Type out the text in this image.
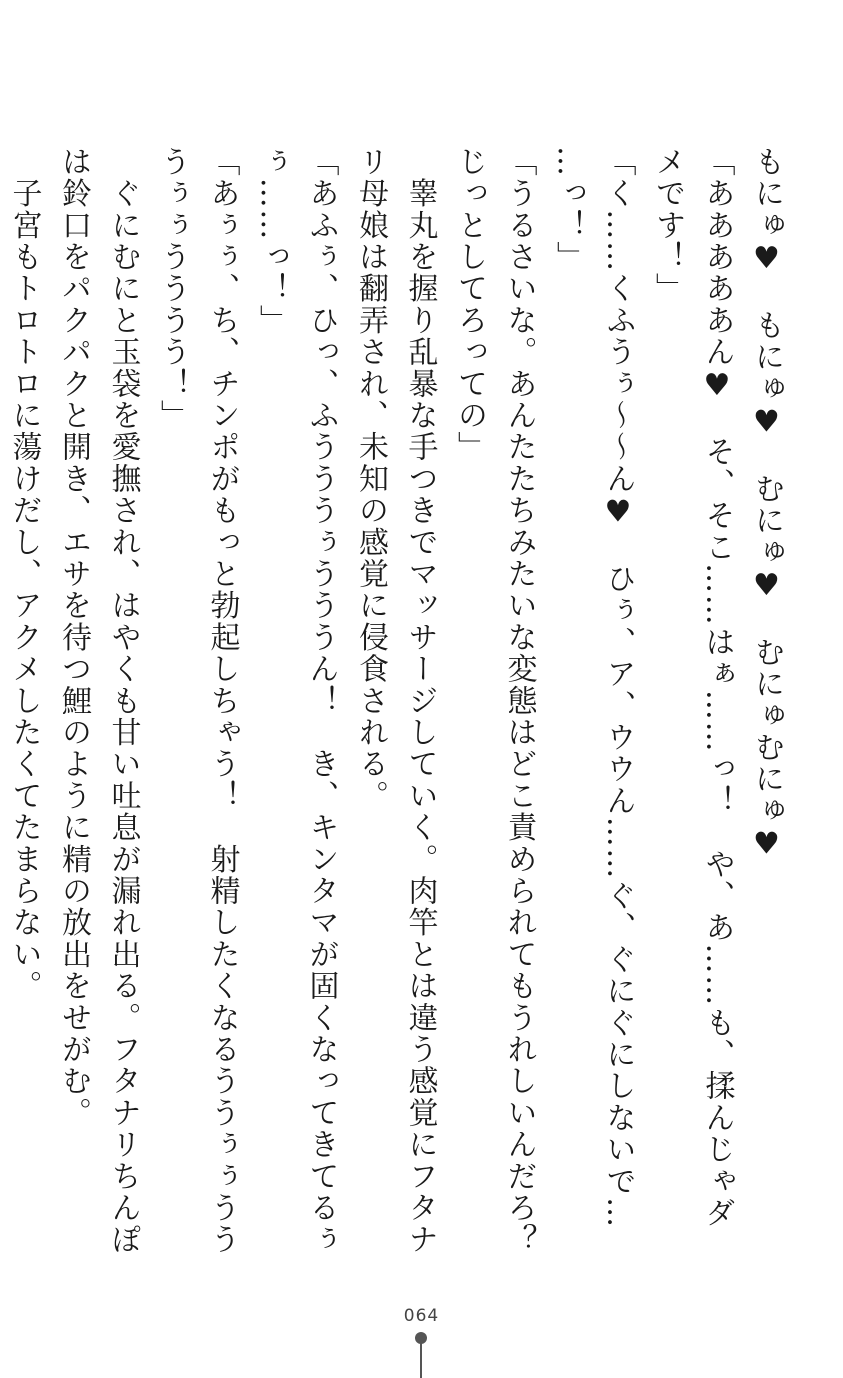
もにゅ♥　もにゅ♥　むにゅ♥　むにゅむにゅ♥

「あああああん♥　そ、そこ……はぁ……っ！　や、あ……も、揉んじゃダメです！」

「く……くふうぅ～～ん♥　ひぅ、ア、ウウん……ぐ、ぐにぐにしないで……っ！」

「うるさいな。あんたたちみたいな変態はどこ責められてもうれしいんだろ？　じっとしてろっての」

　睾丸を握り乱暴な手つきでマッサージしていく。肉竿とは違う感覚にフタナリ母娘は翻弄され、未知の感覚に侵食される。

「あふぅ、ひっ、ふうううぅうううん！　き、キンタマが固くなってきてるぅぅ……っ！」

「あぅぅ、ち、チンポがもっと勃起しちゃう！　射精したくなるううぅぅうううぅぅうううう！」

　ぐにむにと玉袋を愛撫され、はやくも甘い吐息が漏れ出る。フタナリちんぽは鈴口をパクパクと開き、エサを待つ鯉のように精の放出をせがむ。

　子宮もトロトロに蕩けだし、アクメしたくてたまらない。

064
